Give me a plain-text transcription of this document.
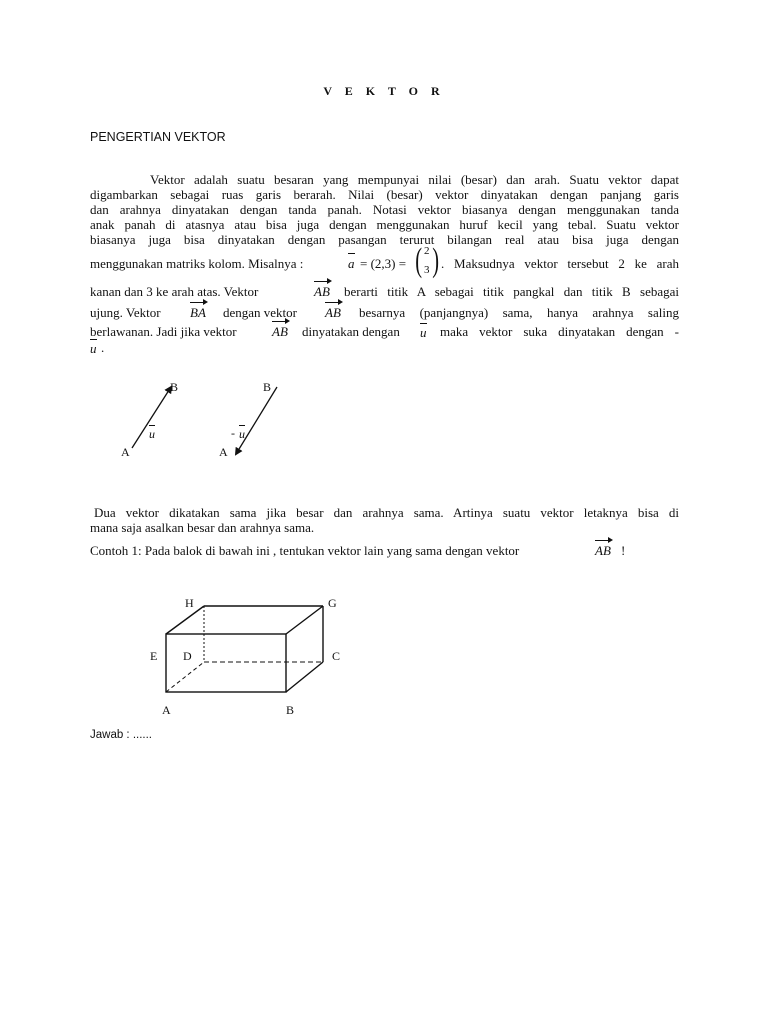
V E K T O R
PENGERTIAN VEKTOR
Vektor adalah suatu besaran yang mempunyai nilai (besar) dan arah. Suatu vektor dapat
digambarkan sebagai ruas garis berarah. Nilai (besar) vektor dinyatakan dengan panjang garis
dan arahnya dinyatakan dengan tanda panah. Notasi vektor biasanya dengan menggunakan tanda
anak panah di atasnya atau bisa juga dengan menggunakan huruf kecil yang tebal. Suatu vektor
biasanya juga bisa dinyatakan dengan pasangan terurut bilangan real atau bisa juga dengan
menggunakan matriks kolom. Misalnya :	a = (2,3) = ( 2
3 ) . Maksudnya vektor tersebut 2 ke arah
kanan dan 3 ke arah atas. Vektor	AB berarti titik A sebagai titik pangkal dan titik B sebagai
ujung. Vektor BA dengan vektor AB besarnya (panjangnya) sama, hanya arahnya saling
berlawanan. Jadi jika vektor	AB dinyatakan dengan u maka vektor suka dinyatakan dengan -
u .
B
A
u
B
A
- u
Dua vektor dikatakan sama jika besar dan arahnya sama. Artinya suatu vektor letaknya bisa di
mana saja asalkan besar dan arahnya sama.
Contoh 1: Pada balok di bawah ini , tentukan vektor lain yang sama dengan vektor	AB !
H	G
E D	C
A	B
Jawab : ......
